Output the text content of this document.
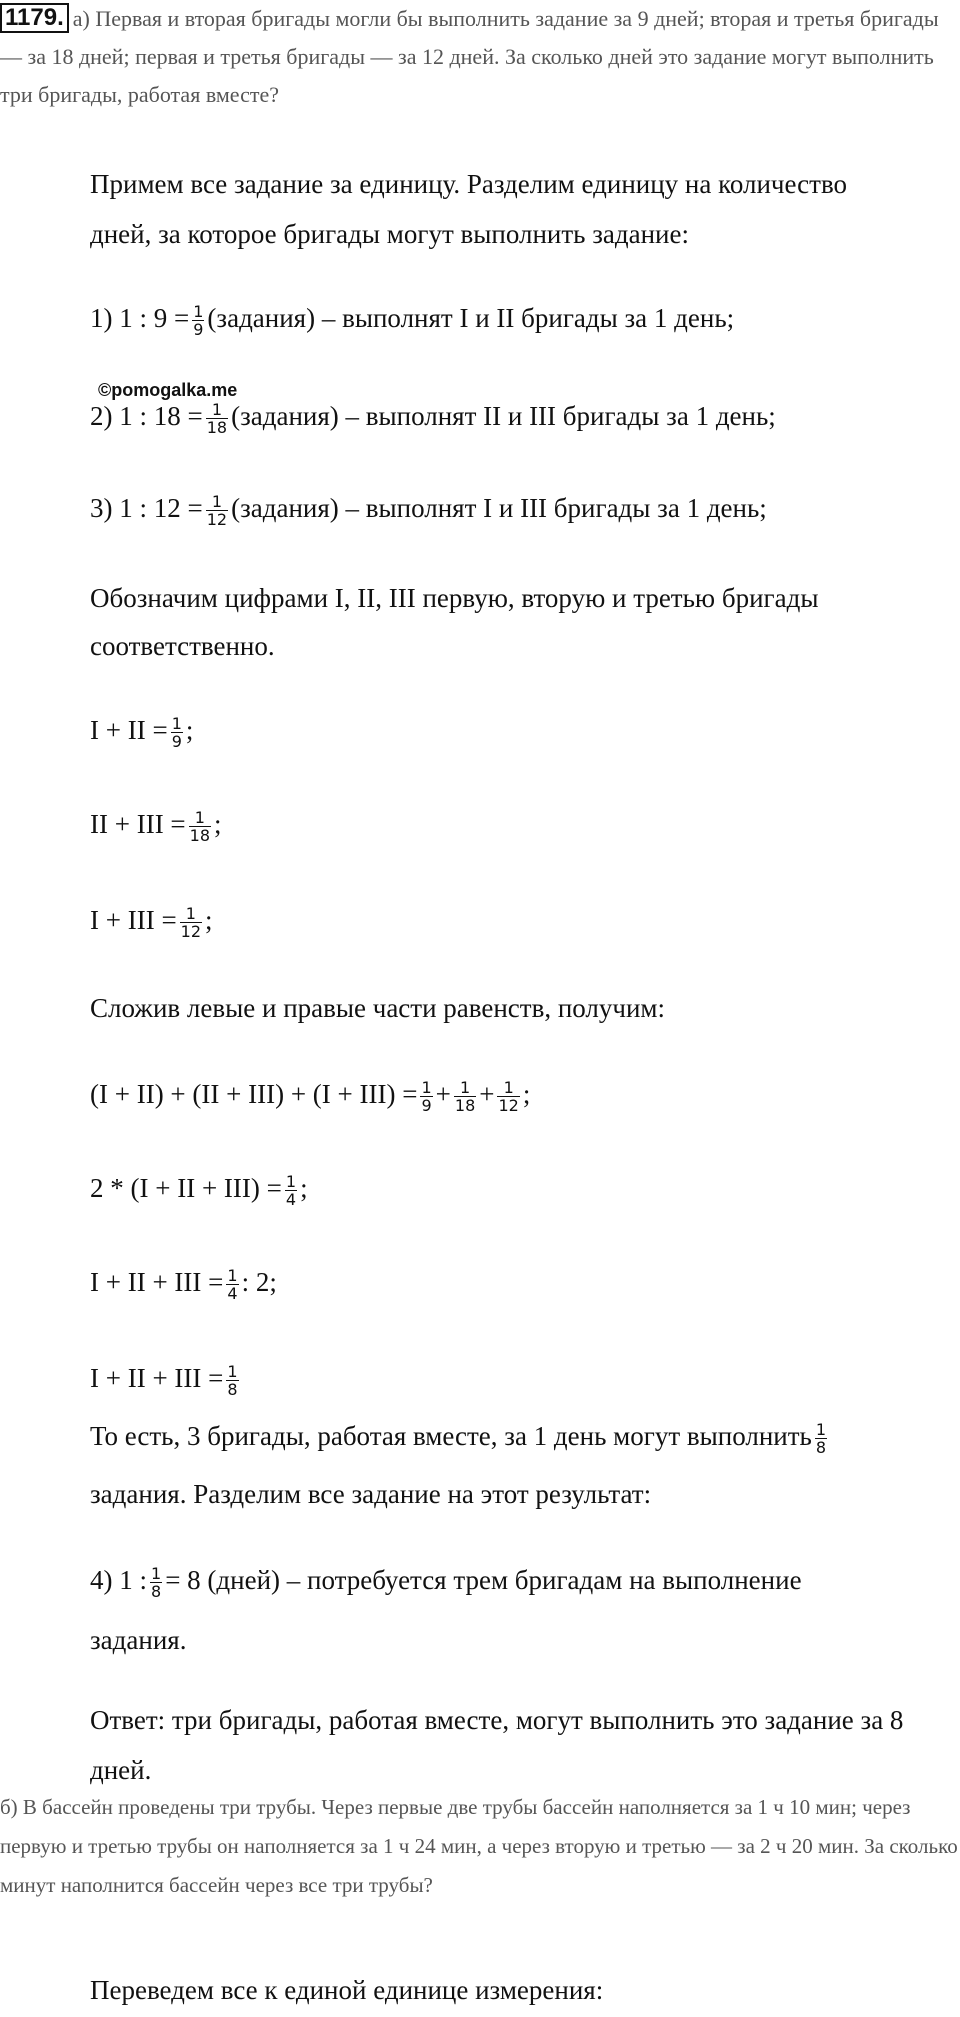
1179. а) Первая и вторая бригады могли бы выполнить задание за 9 дней; вторая и третья бригады — за 18 дней; первая и третья бригады — за 12 дней. За сколько дней это задание могут выполнить три бригады, работая вместе?
©pomogalka.me
Примем все задание за единицу. Разделим единицу на количество
дней, за которое бригады могут выполнить задание:
1) 1 : $9 = \frac{1}{9}$ (задания) – выполнят I и II бригады за 1 день;
2) 1 : $18 = \frac{1}{18}$ (задания) – выполнят II и III бригады за 1 день;
3) 1 : $12 = \frac{1}{12}$ (задания) – выполнят I и III бригады за 1 день;
Обозначим цифрами I, II, III первую, вторую и третью бригады
соответственно.
I + II = $\frac{1}{9}$ ;
II + III = $\frac{1}{18}$ ;
I + III = $\frac{1}{12}$ ;
Сложив левые и правые части равенств, получим:
$(I + II) + (II + III) + (I + III) = \frac{1}{9} + \frac{1}{18} + \frac{1}{12}$ ;
2 * (I + II + $III) = \frac{1}{4}$ ;
I + II + III = $\frac{1}{4}$ : 2;
I + II + III = $\frac{1}{8}$
То есть, 3 бригады, работая вместе, за 1 день могут выполнить $\frac{1}{8}$
задания. Разделим все задание на этот результат:
4) 1 : $\frac{1}{8} = 8$ (дней) – потребуется трем бригадам на выполнение
задания.
Ответ: три бригады, работая вместе, могут выполнить это задание за 8
дней.
б) В бассейн проведены три трубы. Через первые две трубы бассейн наполняется за 1 ч 10 мин; через первую и третью трубы он наполняется за 1 ч 24 мин, а через вторую и третью — за 2 ч 20 мин. За сколько минут наполнится бассейн через все три трубы?
Переведем все к единой единице измерения:
